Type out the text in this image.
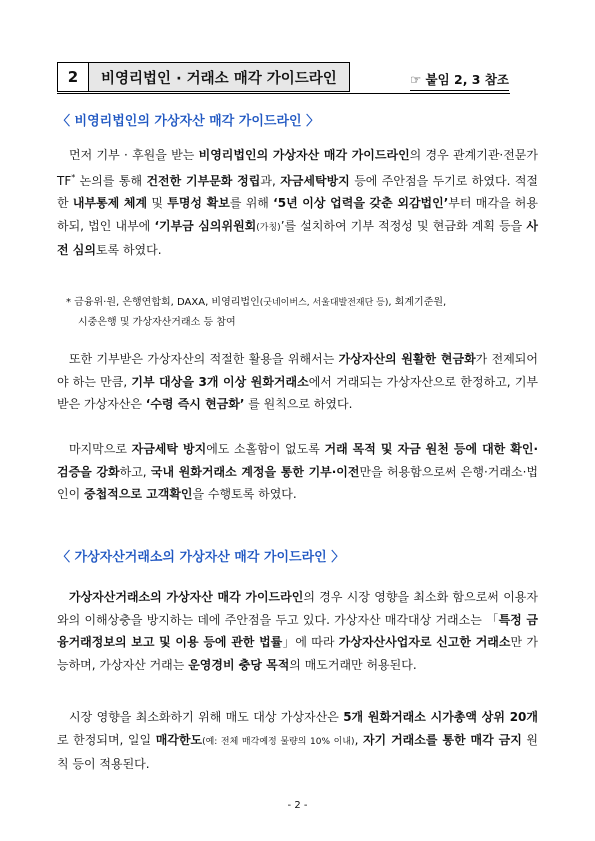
2	비영리법인 · 거래소 매각 가이드라인	☞ 붙임 2, 3 참조
〈 비영리법인의 가상자산 매각 가이드라인 〉
먼저 기부 · 후원을 받는 비영리법인의 가상자산 매각 가이드라인의 경우 관계기관·전문가 TF* 논의를 통해 건전한 기부문화 정립과, 자금세탁방지 등에 주안점을 두기로 하였다. 적절한 내부통제 체계 및 투명성 확보를 위해 ‘5년 이상 업력을 갖춘 외감법인’부터 매각을 허용하되, 법인 내부에 ‘기부금 심의위원회(가칭)’를 설치하여 기부 적정성 및 현금화 계획 등을 사전 심의토록 하였다.
* 금융위·원, 은행연합회, DAXA, 비영리법인(굿네이버스, 서울대발전재단 등), 회계기준원,
시중은행 및 가상자산거래소 등 참여
또한 기부받은 가상자산의 적절한 활용을 위해서는 가상자산의 원활한 현금화가 전제되어야 하는 만큼, 기부 대상을 3개 이상 원화거래소에서 거래되는 가상자산으로 한정하고, 기부받은 가상자산은 ‘수령 즉시 현금화’ 를 원칙으로 하였다.
마지막으로 자금세탁 방지에도 소홀함이 없도록 거래 목적 및 자금 원천 등에 대한 확인·검증을 강화하고, 국내 원화거래소 계정을 통한 기부·이전만을 허용함으로써 은행·거래소·법인이 중첩적으로 고객확인을 수행토록 하였다.
〈 가상자산거래소의 가상자산 매각 가이드라인 〉
가상자산거래소의 가상자산 매각 가이드라인의 경우 시장 영향을 최소화 함으로써 이용자와의 이해상충을 방지하는 데에 주안점을 두고 있다. 가상자산 매각대상 거래소는 「특정 금융거래정보의 보고 및 이용 등에 관한 법률」에 따라 가상자산사업자로 신고한 거래소만 가능하며, 가상자산 거래는 운영경비 충당 목적의 매도거래만 허용된다.
시장 영향을 최소화하기 위해 매도 대상 가상자산은 5개 원화거래소 시가총액 상위 20개로 한정되며, 일일 매각한도(예: 전체 매각예정 물량의 10% 이내), 자기 거래소를 통한 매각 금지 원칙 등이 적용된다.
- 2 -
